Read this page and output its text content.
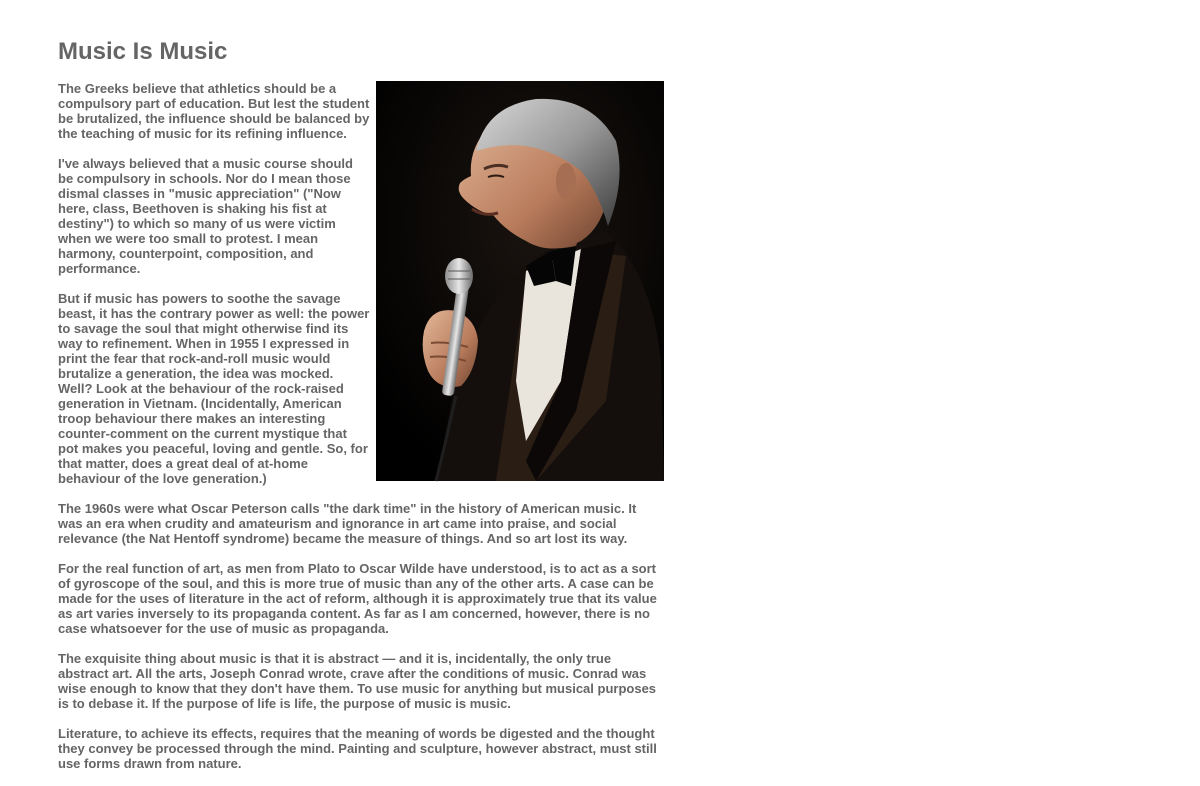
Music Is Music

The Greeks believe that athletics should be a compulsory part of education. But lest the student be brutalized, the influence should be balanced by the teaching of music for its refining influence.

I've always believed that a music course should be compulsory in schools. Nor do I mean those dismal classes in "music appreciation" ("Now here, class, Beethoven is shaking his fist at destiny") to which so many of us were victim when we were too small to protest. I mean harmony, counterpoint, composition, and performance.

But if music has powers to soothe the savage beast, it has the contrary power as well: the power to savage the soul that might otherwise find its way to refinement. When in 1955 I expressed in print the fear that rock-and-roll music would brutalize a generation, the idea was mocked. Well? Look at the behaviour of the rock-raised generation in Vietnam. (Incidentally, American troop behaviour there makes an interesting counter-comment on the current mystique that pot makes you peaceful, loving and gentle. So, for that matter, does a great deal of at-home behaviour of the love generation.)

The 1960s were what Oscar Peterson calls "the dark time" in the history of American music. It was an era when crudity and amateurism and ignorance in art came into praise, and social relevance (the Nat Hentoff syndrome) became the measure of things. And so art lost its way.

For the real function of art, as men from Plato to Oscar Wilde have understood, is to act as a sort of gyroscope of the soul, and this is more true of music than any of the other arts. A case can be made for the uses of literature in the act of reform, although it is approximately true that its value as art varies inversely to its propaganda content. As far as I am concerned, however, there is no case whatsoever for the use of music as propaganda.

The exquisite thing about music is that it is abstract — and it is, incidentally, the only true abstract art. All the arts, Joseph Conrad wrote, crave after the conditions of music. Conrad was wise enough to know that they don't have them. To use music for anything but musical purposes is to debase it. If the purpose of life is life, the purpose of music is music.

Literature, to achieve its effects, requires that the meaning of words be digested and the thought they convey be processed through the mind. Painting and sculpture, however abstract, must still use forms drawn from nature.
